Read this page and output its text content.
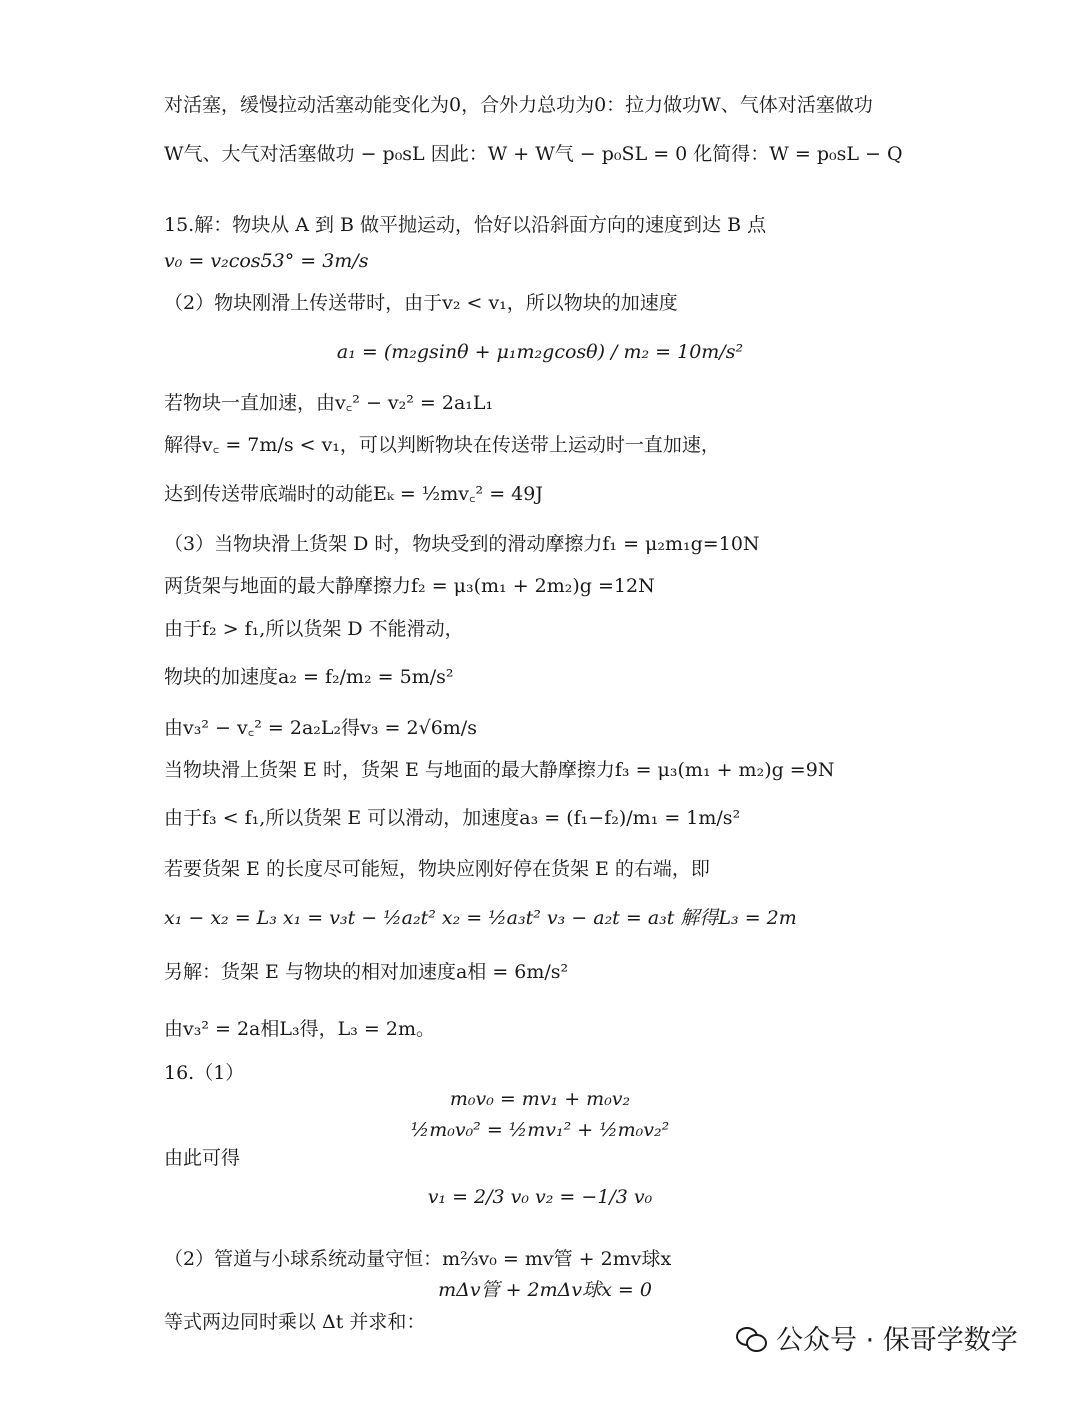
对活塞，缓慢拉动活塞动能变化为0，合外力总功为0：拉力做功W、气体对活塞做功
W气、大气对活塞做功 − p₀sL 因此：W + W气 − p₀SL = 0 化简得：W = p₀sL − Q
15.解：物块从 A 到 B 做平抛运动，恰好以沿斜面方向的速度到达 B 点
v₀ = v₂cos53° = 3m/s
（2）物块刚滑上传送带时，由于v₂ < v₁，所以物块的加速度
a₁ = (m₂gsinθ + μ₁m₂gcosθ) / m₂ = 10m/s²
若物块一直加速，由v꜀² − v₂² = 2a₁L₁
解得v꜀ = 7m/s < v₁，可以判断物块在传送带上运动时一直加速，
达到传送带底端时的动能Eₖ = ½mv꜀² = 49J
（3）当物块滑上货架 D 时，物块受到的滑动摩擦力f₁ = μ₂m₁g=10N
两货架与地面的最大静摩擦力f₂ = μ₃(m₁ + 2m₂)g =12N
由于f₂ > f₁,所以货架 D 不能滑动，
物块的加速度a₂ = f₂/m₂ = 5m/s²
由v₃² − v꜀² = 2a₂L₂得v₃ = 2√6m/s
当物块滑上货架 E 时，货架 E 与地面的最大静摩擦力f₃ = μ₃(m₁ + m₂)g =9N
由于f₃ < f₁,所以货架 E 可以滑动，加速度a₃ = (f₁−f₂)/m₁ = 1m/s²
若要货架 E 的长度尽可能短，物块应刚好停在货架 E 的右端，即
x₁ − x₂ = L₃ x₁ = v₃t − ½a₂t² x₂ = ½a₃t² v₃ − a₂t = a₃t 解得L₃ = 2m
另解：货架 E 与物块的相对加速度a相 = 6m/s²
由v₃² = 2a相L₃得，L₃ = 2m。
16.（1）
m₀v₀ = mv₁ + m₀v₂
½m₀v₀² = ½mv₁² + ½m₀v₂²
由此可得
v₁ = 2/3 v₀ v₂ = −1/3 v₀
（2）管道与小球系统动量守恒：m⅔v₀ = mv管 + 2mv球x
mΔv管 + 2mΔv球x = 0
等式两边同时乘以 Δt 并求和：
公众号 · 保哥学数学
